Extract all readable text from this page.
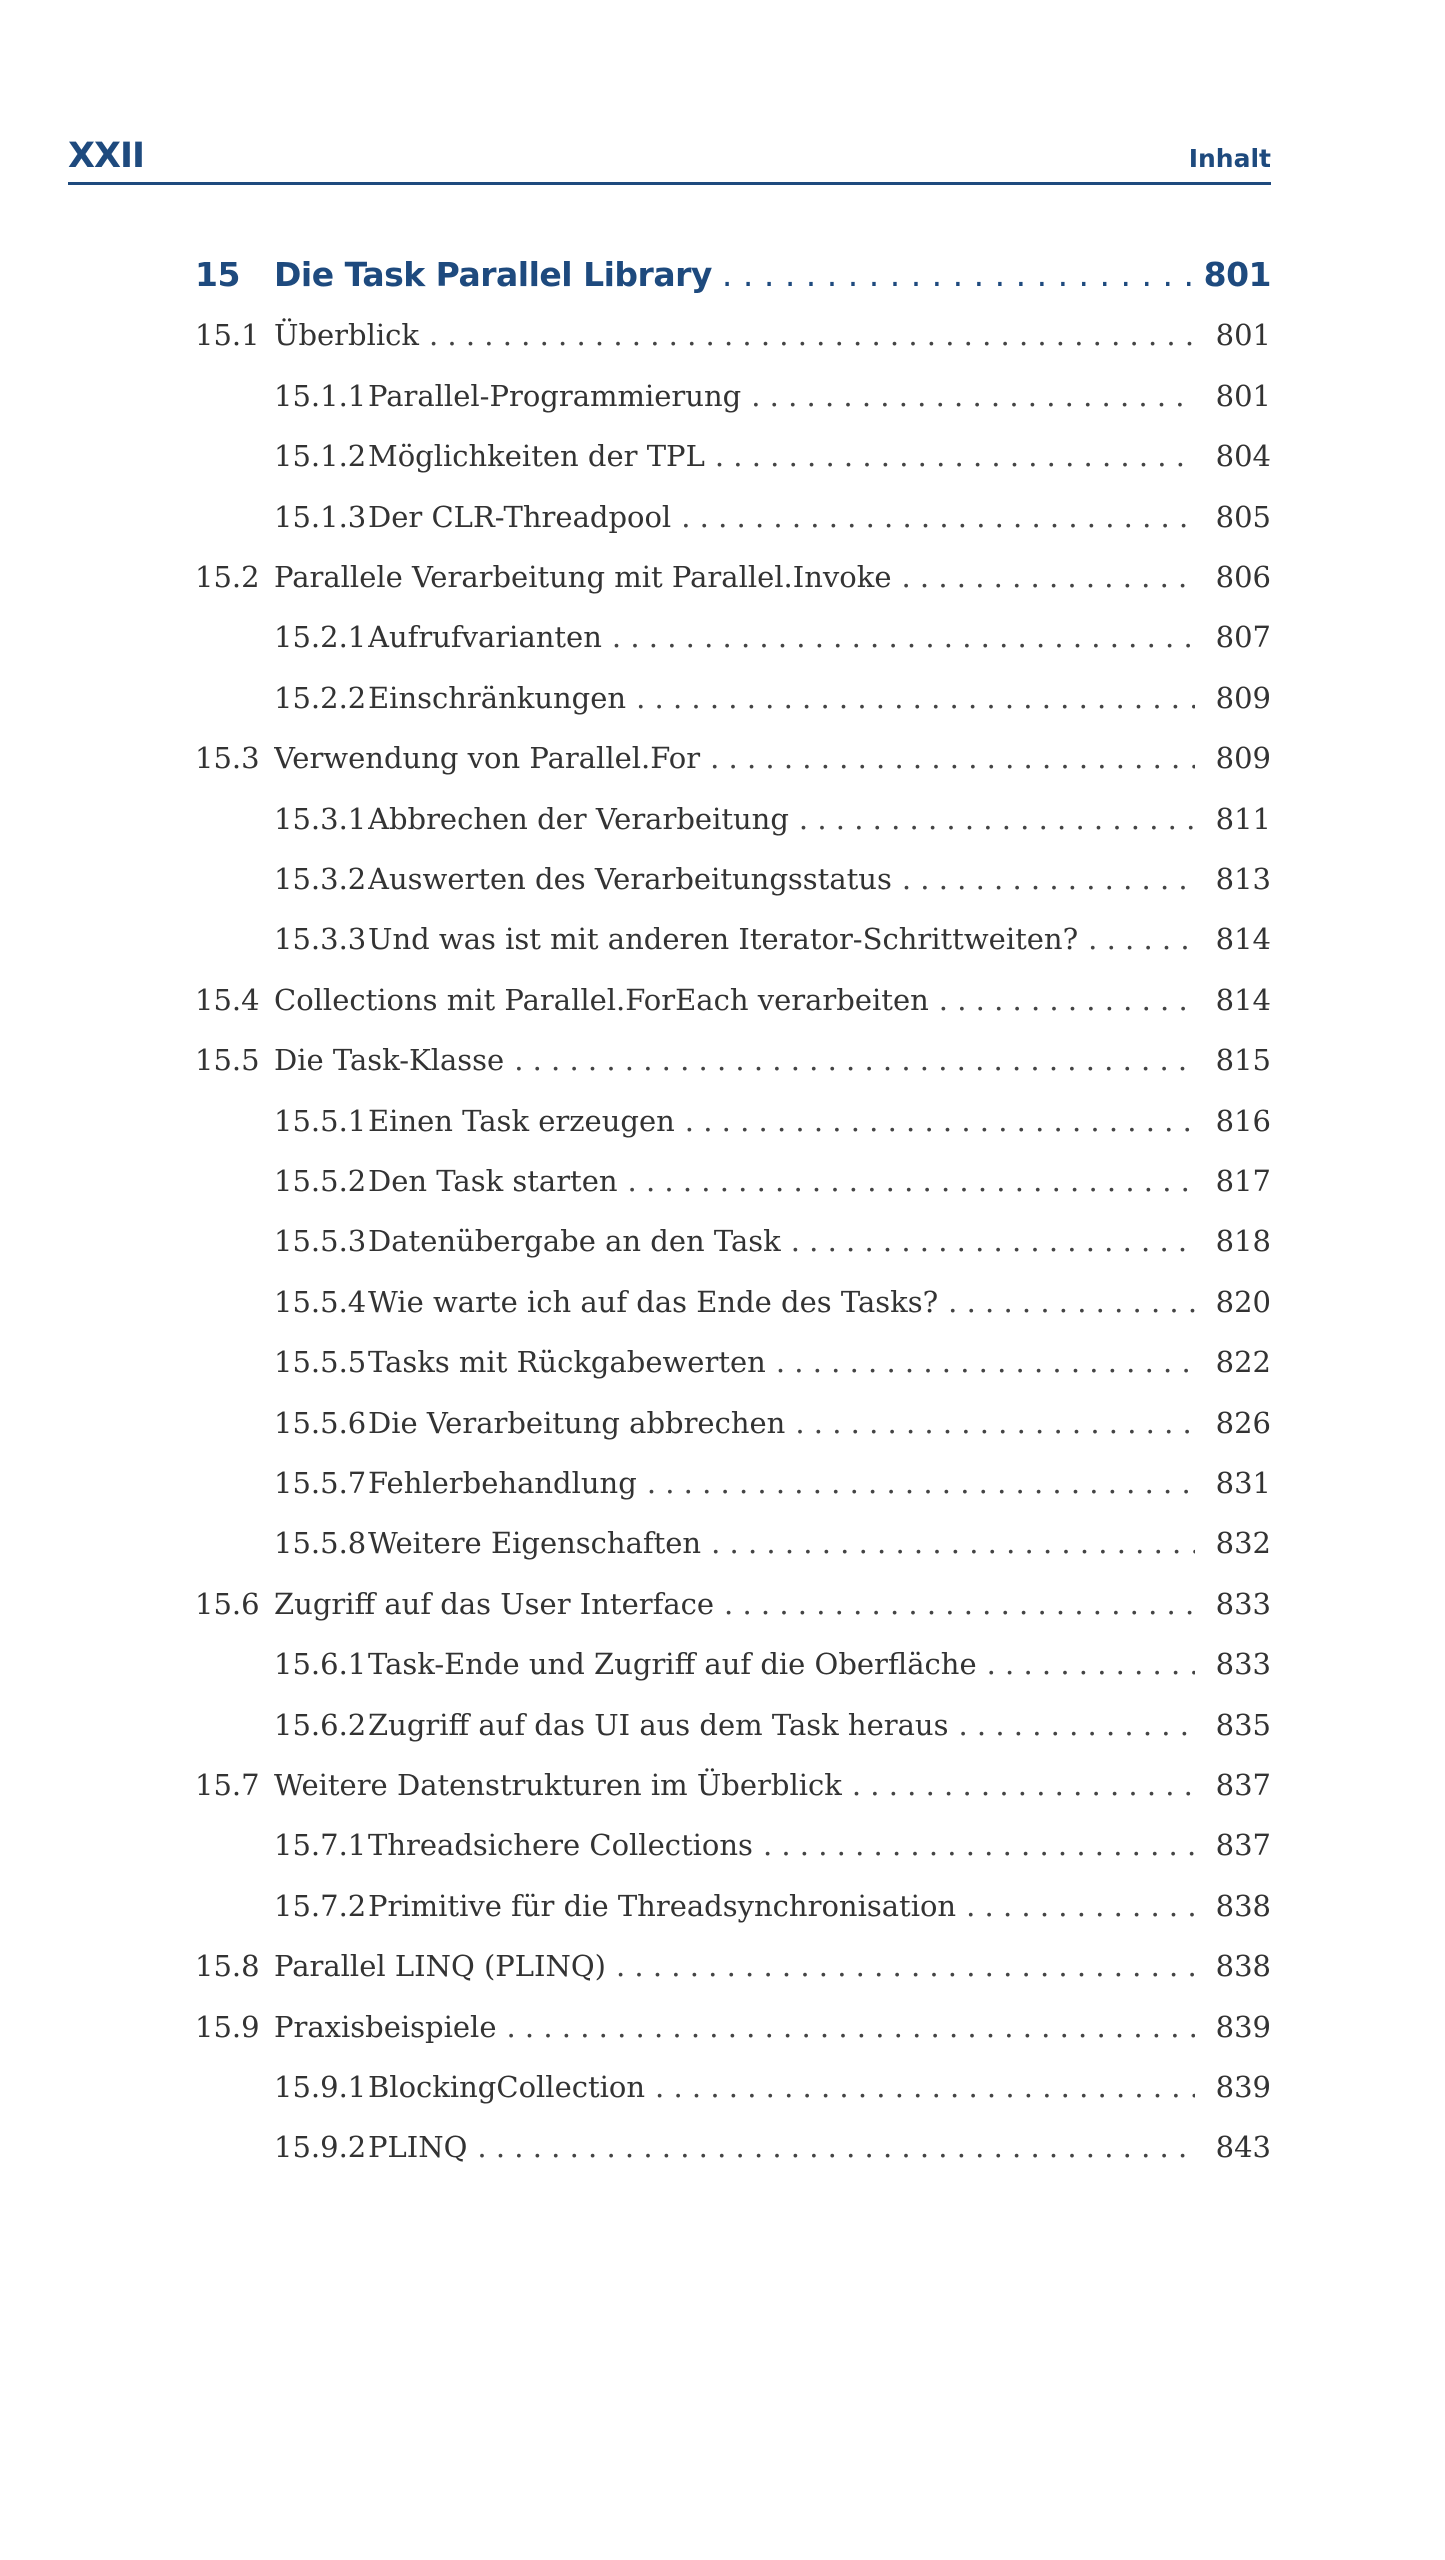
XXII	Inhalt
15 Die Task Parallel Library . . .	801
15.1 Überblick . . .	801
15.1.1 Parallel-Programmierung . . .	801
15.1.2 Möglichkeiten der TPL . . .	804
15.1.3 Der CLR-Threadpool . . .	805
15.2 Parallele Verarbeitung mit Parallel.Invoke . . .	806
15.2.1 Aufrufvarianten . . .	807
15.2.2 Einschränkungen . . .	809
15.3 Verwendung von Parallel.For . . .	809
15.3.1 Abbrechen der Verarbeitung . . .	811
15.3.2 Auswerten des Verarbeitungsstatus . . .	813
15.3.3 Und was ist mit anderen Iterator-Schrittweiten? . . .	814
15.4 Collections mit Parallel.ForEach verarbeiten . . .	814
15.5 Die Task-Klasse . . .	815
15.5.1 Einen Task erzeugen . . .	816
15.5.2 Den Task starten . . .	817
15.5.3 Datenübergabe an den Task . . .	818
15.5.4 Wie warte ich auf das Ende des Tasks? . . .	820
15.5.5 Tasks mit Rückgabewerten . . .	822
15.5.6 Die Verarbeitung abbrechen . . .	826
15.5.7 Fehlerbehandlung . . .	831
15.5.8 Weitere Eigenschaften . . .	832
15.6 Zugriff auf das User Interface . . .	833
15.6.1 Task-Ende und Zugriff auf die Oberfläche . . .	833
15.6.2 Zugriff auf das UI aus dem Task heraus . . .	835
15.7 Weitere Datenstrukturen im Überblick . . .	837
15.7.1 Threadsichere Collections . . .	837
15.7.2 Primitive für die Threadsynchronisation . . .	838
15.8 Parallel LINQ (PLINQ) . . .	838
15.9 Praxisbeispiele . . .	839
15.9.1 BlockingCollection . . .	839
15.9.2 PLINQ . . .	843
